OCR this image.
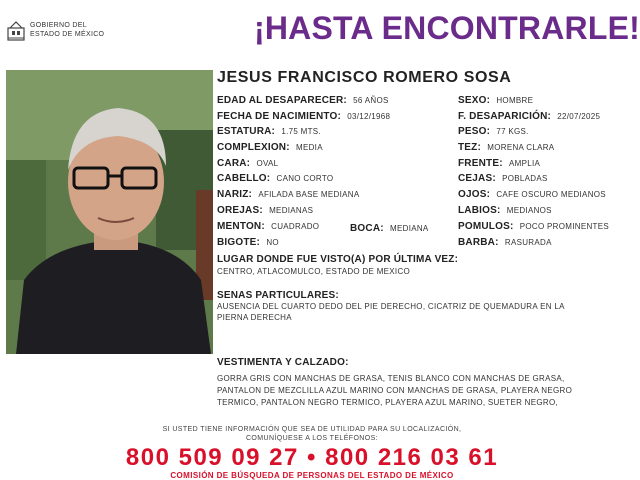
GOBIERNO DEL
ESTADO DE MÉXICO	¡HASTA ENCONTRARLE!
JESUS FRANCISCO ROMERO SOSA
EDAD AL DESAPARECER: 56 AÑOS
FECHA DE NACIMIENTO: 03/12/1968
ESTATURA: 1.75 MTS.
COMPLEXION: MEDIA
CARA: OVAL
CABELLO: CANO CORTO
NARIZ: AFILADA BASE MEDIANA
OREJAS: MEDIANAS
MENTON: CUADRADO
BIGOTE: NO
BOCA: MEDIANA
SEXO: HOMBRE
F. DESAPARICIÓN: 22/07/2025
PESO: 77 KGS.
TEZ: MORENA CLARA
FRENTE: AMPLIA
CEJAS: POBLADAS
OJOS: CAFE OSCURO MEDIANOS
LABIOS: MEDIANOS
POMULOS: POCO PROMINENTES
BARBA: RASURADA
LUGAR DONDE FUE VISTO(A) POR ÚLTIMA VEZ:
CENTRO, ATLACOMULCO, ESTADO DE MEXICO
SENAS PARTICULARES:
AUSENCIA DEL CUARTO DEDO DEL PIE DERECHO, CICATRIZ DE QUEMADURA EN LA
PIERNA DERECHA
VESTIMENTA Y CALZADO:
GORRA GRIS CON MANCHAS DE GRASA, TENIS BLANCO CON MANCHAS DE GRASA,
PANTALON DE MEZCLILLA AZUL MARINO CON MANCHAS DE GRASA, PLAYERA NEGRO
TERMICO, PANTALON NEGRO TERMICO, PLAYERA AZUL MARINO, SUETER NEGRO,
SI USTED TIENE INFORMACIÓN QUE SEA DE UTILIDAD PARA SU LOCALIZACIÓN,
COMUNÍQUESE A LOS TELÉFONOS:
800 509 09 27 • 800 216 03 61
COMISIÓN DE BÚSQUEDA DE PERSONAS DEL ESTADO DE MÉXICO
